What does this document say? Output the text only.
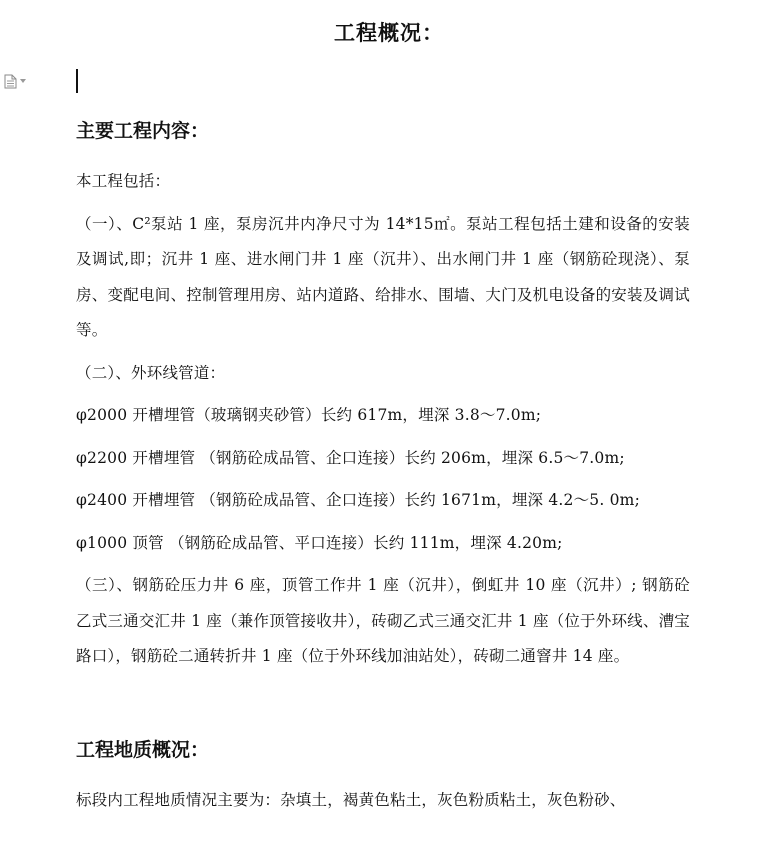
工程概况：
主要工程内容：

本工程包括：

（一）、C²泵站 1 座，泵房沉井内净尺寸为 14*15㎡。泵站工程包括土建和设备的安装及调试,即；沉井 1 座、进水闸门井 1 座（沉井）、出水闸门井 1 座（钢筋砼现浇）、泵房、变配电间、控制管理用房、站内道路、给排水、围墙、大门及机电设备的安装及调试等。

（二）、外环线管道：

φ2000 开槽埋管（玻璃钢夹砂管）长约 617m，埋深 3.8～7.0m;

φ2200 开槽埋管 （钢筋砼成品管、企口连接）长约 206m，埋深 6.5～7.0m;

φ2400 开槽埋管 （钢筋砼成品管、企口连接）长约 1671m，埋深 4.2～5. 0m;

φ1000 顶管 （钢筋砼成品管、平口连接）长约 111m，埋深 4.20m;

（三）、钢筋砼压力井 6 座，顶管工作井 1 座（沉井），倒虹井 10 座（沉井）; 钢筋砼乙式三通交汇井 1 座（兼作顶管接收井），砖砌乙式三通交汇井 1 座（位于外环线、漕宝路口），钢筋砼二通转折井 1 座（位于外环线加油站处），砖砌二通窨井 14 座。

工程地质概况：

标段内工程地质情况主要为：杂填土，褐黄色粘土，灰色粉质粘土，灰色粉砂、
